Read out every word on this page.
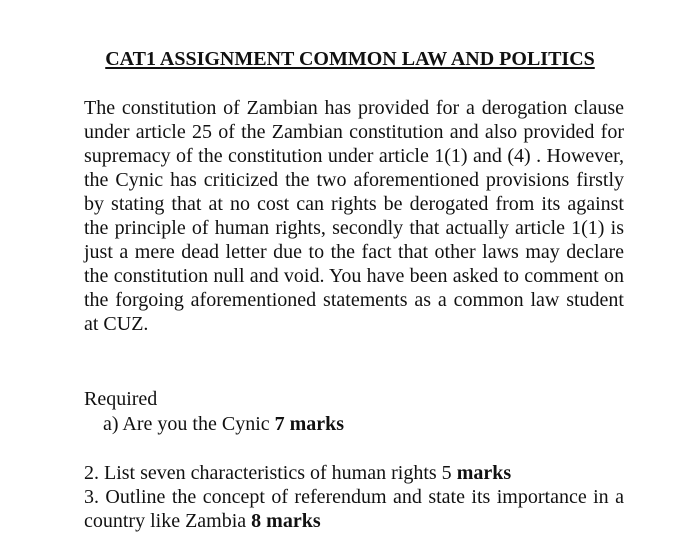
CAT1 ASSIGNMENT COMMON LAW AND POLITICS

The constitution of Zambian has provided for a derogation clause under article 25 of the Zambian constitution and also provided for supremacy of the constitution under article 1(1) and (4) . However, the Cynic has criticized the two aforementioned provisions firstly by stating that at no cost can rights be derogated from its against the principle of human rights, secondly that actually article 1(1) is just a mere dead letter due to the fact that other laws may declare the constitution null and void. You have been asked to comment on the forgoing aforementioned statements as a common law student at CUZ.

Required

a) Are you the Cynic 7 marks

2. List seven characteristics of human rights 5 marks

3. Outline the concept of referendum and state its importance in a country like Zambia 8 marks
